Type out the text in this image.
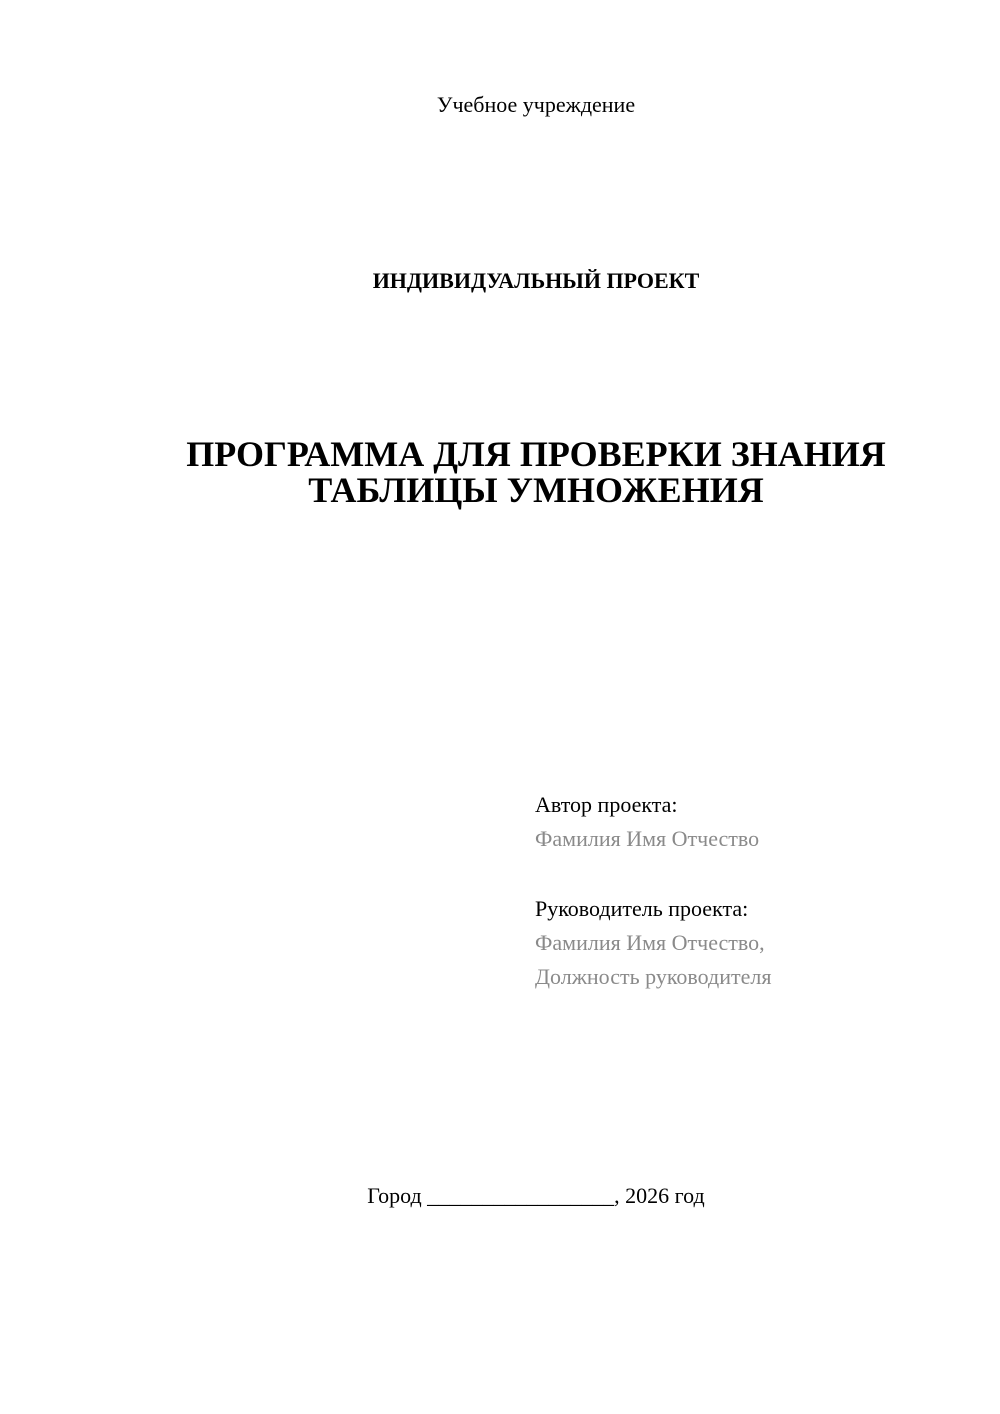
Учебное учреждение

ИНДИВИДУАЛЬНЫЙ ПРОЕКТ

ПРОГРАММА ДЛЯ ПРОВЕРКИ ЗНАНИЯ
ТАБЛИЦЫ УМНОЖЕНИЯ

Автор проекта:

Фамилия Имя Отчество

Руководитель проекта:

Фамилия Имя Отчество,

Должность руководителя

Город _________________, 2026 год
